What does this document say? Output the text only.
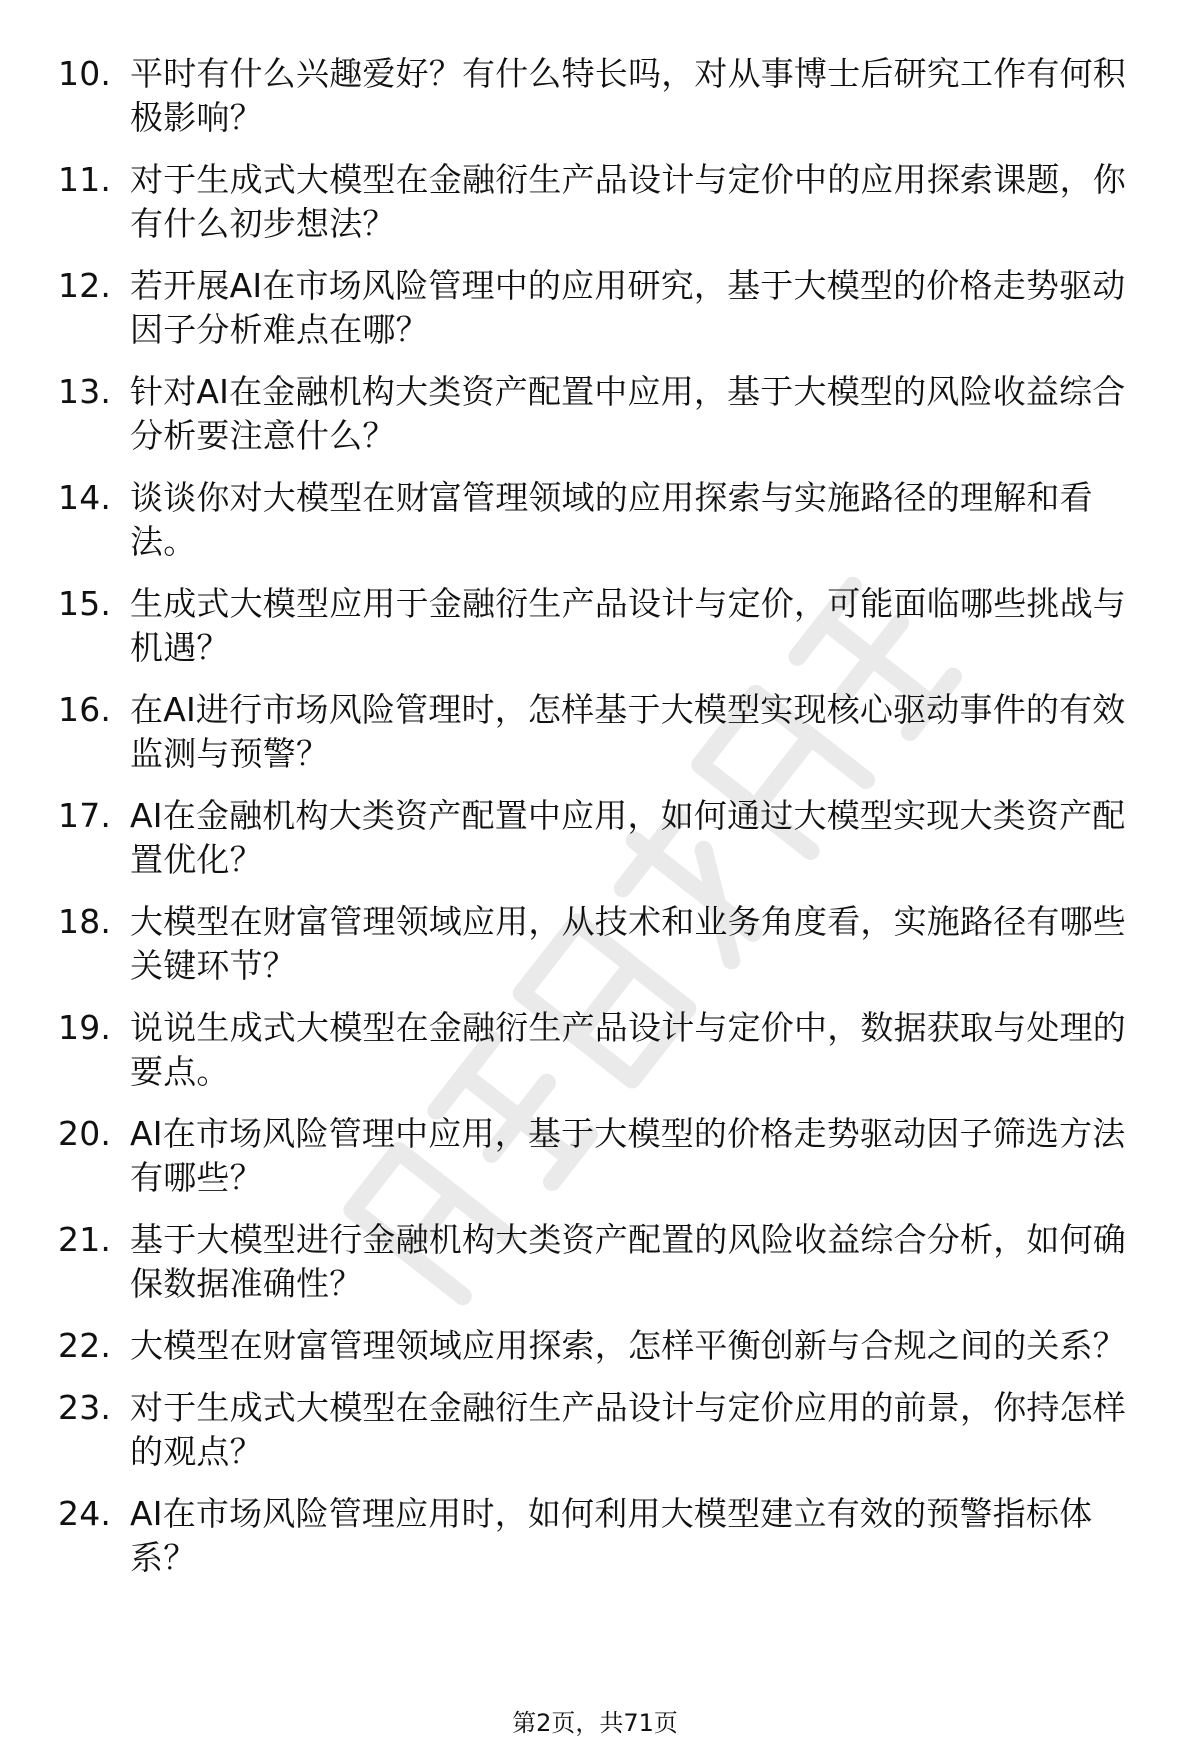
10. 平时有什么兴趣爱好？有什么特长吗，对从事博士后研究工作有何积极影响？
11. 对于生成式大模型在金融衍生产品设计与定价中的应用探索课题，你有什么初步想法？
12. 若开展AI在市场风险管理中的应用研究，基于大模型的价格走势驱动因子分析难点在哪？
13. 针对AI在金融机构大类资产配置中应用，基于大模型的风险收益综合分析要注意什么？
14. 谈谈你对大模型在财富管理领域的应用探索与实施路径的理解和看法。
15. 生成式大模型应用于金融衍生产品设计与定价，可能面临哪些挑战与机遇？
16. 在AI进行市场风险管理时，怎样基于大模型实现核心驱动事件的有效监测与预警？
17. AI在金融机构大类资产配置中应用，如何通过大模型实现大类资产配置优化？
18. 大模型在财富管理领域应用，从技术和业务角度看，实施路径有哪些关键环节？
19. 说说生成式大模型在金融衍生产品设计与定价中，数据获取与处理的要点。
20. AI在市场风险管理中应用，基于大模型的价格走势驱动因子筛选方法有哪些？
21. 基于大模型进行金融机构大类资产配置的风险收益综合分析，如何确保数据准确性？
22. 大模型在财富管理领域应用探索，怎样平衡创新与合规之间的关系？
23. 对于生成式大模型在金融衍生产品设计与定价应用的前景，你持怎样的观点？
24. AI在市场风险管理应用时，如何利用大模型建立有效的预警指标体系？
第2页，共71页
